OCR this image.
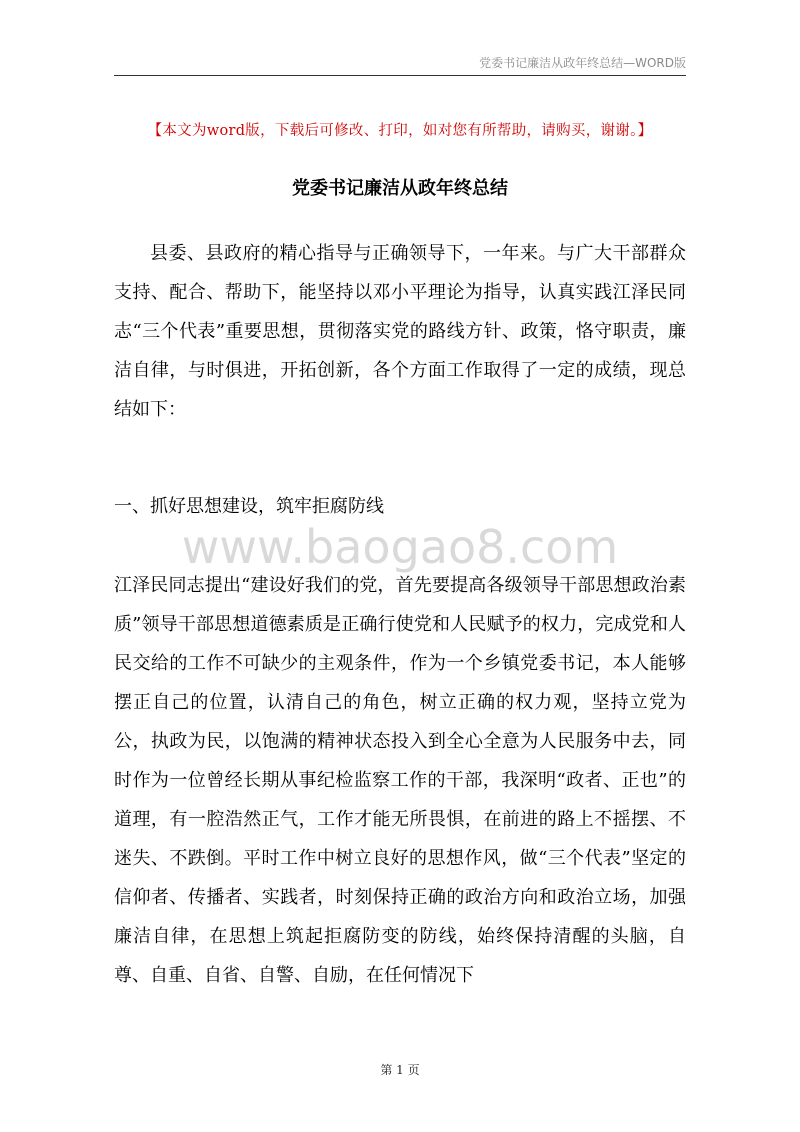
党委书记廉洁从政年终总结—WORD版
【本文为word版，下载后可修改、打印，如对您有所帮助，请购买，谢谢。】
党委书记廉洁从政年终总结

县委、县政府的精心指导与正确领导下，一年来。与广大干部群众支持、配合、帮助下，能坚持以邓小平理论为指导，认真实践江泽民同志“三个代表”重要思想，贯彻落实党的路线方针、政策，恪守职责，廉洁自律，与时俱进，开拓创新，各个方面工作取得了一定的成绩，现总结如下：

一、抓好思想建设，筑牢拒腐防线
www.baogao8.com

江泽民同志提出“建设好我们的党，首先要提高各级领导干部思想政治素质”领导干部思想道德素质是正确行使党和人民赋予的权力，完成党和人民交给的工作不可缺少的主观条件，作为一个乡镇党委书记，本人能够摆正自己的位置，认清自己的角色，树立正确的权力观，坚持立党为公，执政为民，以饱满的精神状态投入到全心全意为人民服务中去，同时作为一位曾经长期从事纪检监察工作的干部，我深明“政者、正也”的道理，有一腔浩然正气，工作才能无所畏惧，在前进的路上不摇摆、不迷失、不跌倒。平时工作中树立良好的思想作风，做“三个代表”坚定的信仰者、传播者、实践者，时刻保持正确的政治方向和政治立场，加强廉洁自律，在思想上筑起拒腐防变的防线，始终保持清醒的头脑，自尊、自重、自省、自警、自励，在任何情况下

第 1 页
